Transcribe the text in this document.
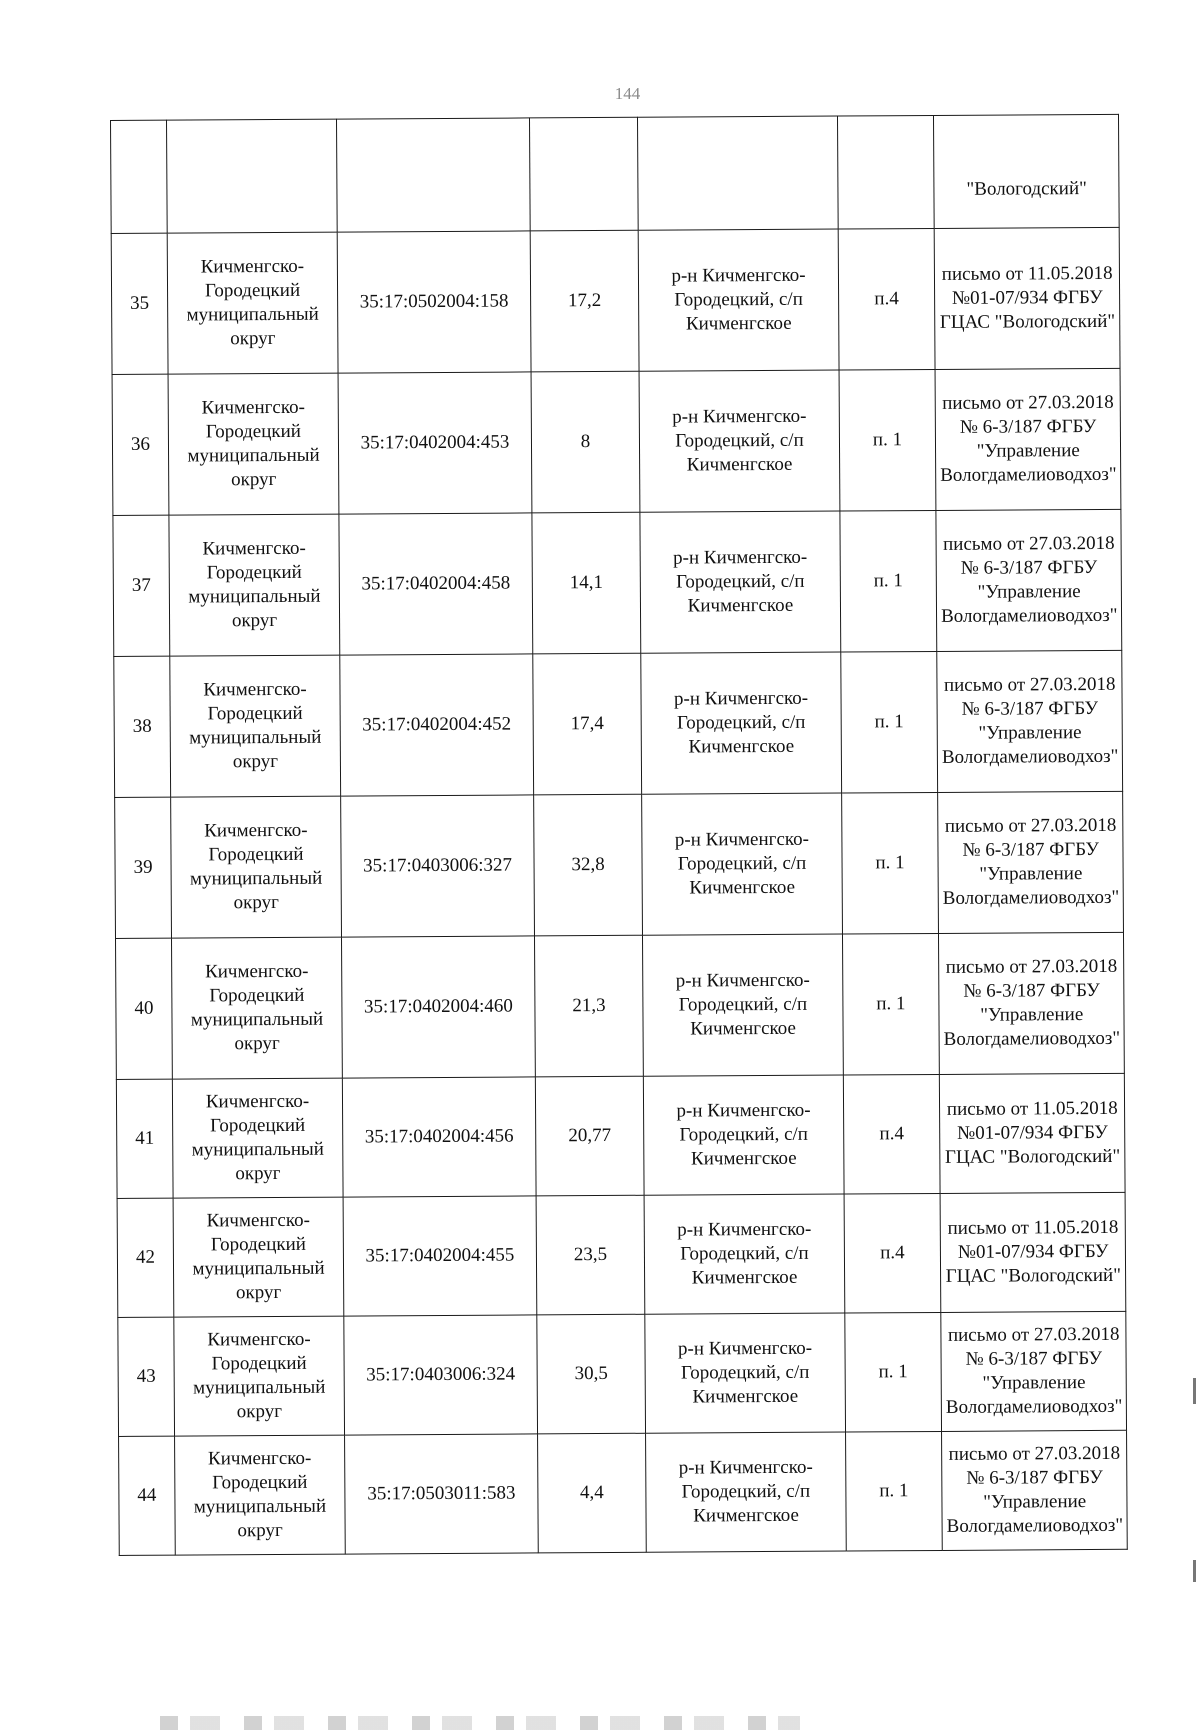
144
						"Вологодский"
35	Кичменгско-Городецкий муниципальный округ	35:17:0502004:158	17,2	р-н Кичменгско-Городецкий, с/п Кичменгское	п.4	письмо от 11.05.2018 №01-07/934 ФГБУ ГЦАС "Вологодский"
36	Кичменгско-Городецкий муниципальный округ	35:17:0402004:453	8	р-н Кичменгско-Городецкий, с/п Кичменгское	п. 1	письмо от 27.03.2018 № 6-3/187 ФГБУ "Управление Вологдамелиоводхоз"
37	Кичменгско-Городецкий муниципальный округ	35:17:0402004:458	14,1	р-н Кичменгско-Городецкий, с/п Кичменгское	п. 1	письмо от 27.03.2018 № 6-3/187 ФГБУ "Управление Вологдамелиоводхоз"
38	Кичменгско-Городецкий муниципальный округ	35:17:0402004:452	17,4	р-н Кичменгско-Городецкий, с/п Кичменгское	п. 1	письмо от 27.03.2018 № 6-3/187 ФГБУ "Управление Вологдамелиоводхоз"
39	Кичменгско-Городецкий муниципальный округ	35:17:0403006:327	32,8	р-н Кичменгско-Городецкий, с/п Кичменгское	п. 1	письмо от 27.03.2018 № 6-3/187 ФГБУ "Управление Вологдамелиоводхоз"
40	Кичменгско-Городецкий муниципальный округ	35:17:0402004:460	21,3	р-н Кичменгско-Городецкий, с/п Кичменгское	п. 1	письмо от 27.03.2018 № 6-3/187 ФГБУ "Управление Вологдамелиоводхоз"
41	Кичменгско-Городецкий муниципальный округ	35:17:0402004:456	20,77	р-н Кичменгско-Городецкий, с/п Кичменгское	п.4	письмо от 11.05.2018 №01-07/934 ФГБУ ГЦАС "Вологодский"
42	Кичменгско-Городецкий муниципальный округ	35:17:0402004:455	23,5	р-н Кичменгско-Городецкий, с/п Кичменгское	п.4	письмо от 11.05.2018 №01-07/934 ФГБУ ГЦАС "Вологодский"
43	Кичменгско-Городецкий муниципальный округ	35:17:0403006:324	30,5	р-н Кичменгско-Городецкий, с/п Кичменгское	п. 1	письмо от 27.03.2018 № 6-3/187 ФГБУ "Управление Вологдамелиоводхоз"
44	Кичменгско-Городецкий муниципальный округ	35:17:0503011:583	4,4	р-н Кичменгско-Городецкий, с/п Кичменгское	п. 1	письмо от 27.03.2018 № 6-3/187 ФГБУ "Управление Вологдамелиоводхоз"
